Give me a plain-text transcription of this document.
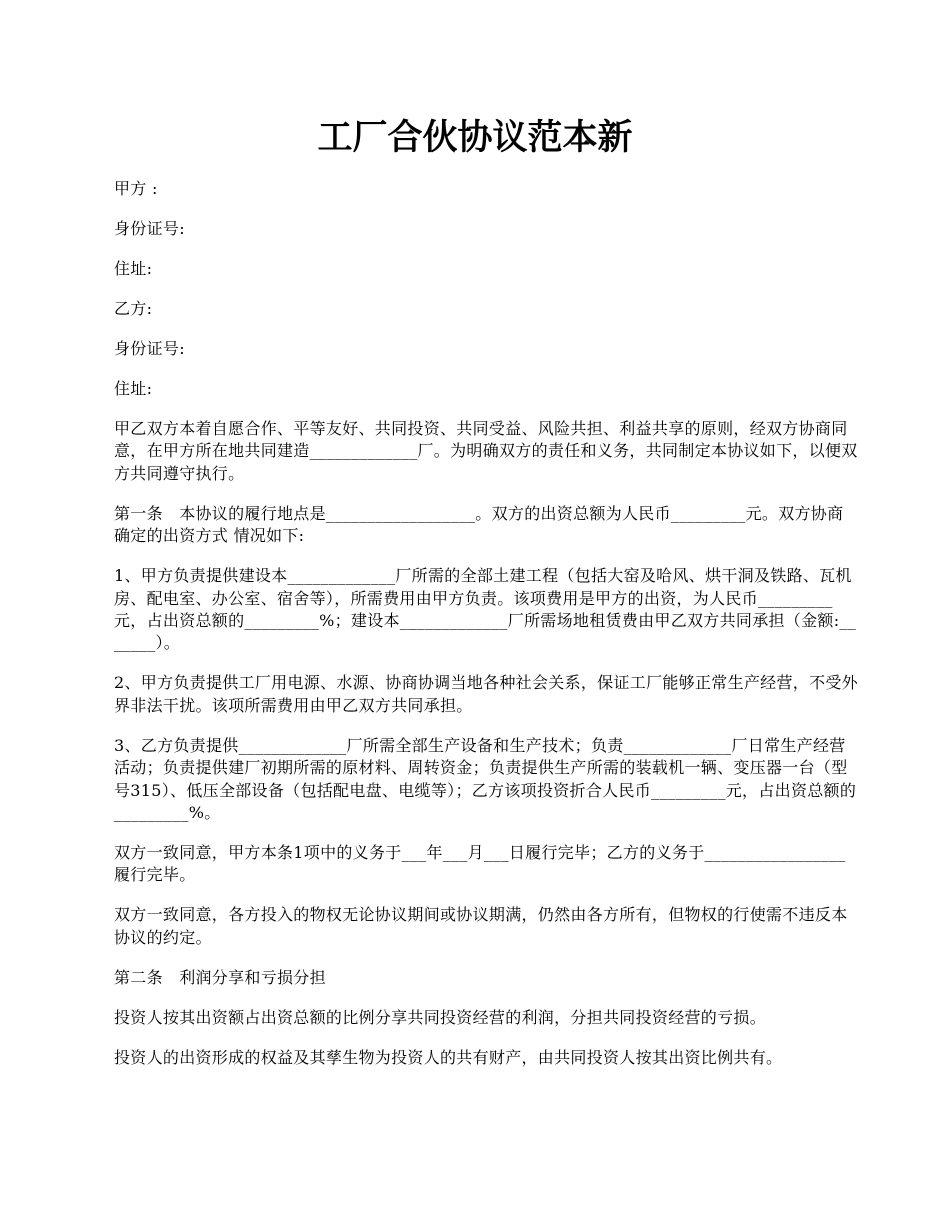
工厂合伙协议范本新

甲方 :

身份证号:

住址:

乙方:

身份证号:

住址:

甲乙双方本着自愿合作、平等友好、共同投资、共同受益、风险共担、利益共享的原则，经双方协商同意，在甲方所在地共同建造_____________厂。为明确双方的责任和义务，共同制定本协议如下，以便双方共同遵守执行。

第一条　本协议的履行地点是__________________。双方的出资总额为人民币_________元。双方协商确定的出资方式 情况如下:

1、甲方负责提供建设本_____________厂所需的全部土建工程（包括大窑及哈风、烘干洞及铁路、瓦机房、配电室、办公室、宿舍等），所需费用由甲方负责。该项费用是甲方的出资，为人民币_________元，占出资总额的_________%；建设本_____________厂所需场地租赁费由甲乙双方共同承担（金额:_______）。

2、甲方负责提供工厂用电源、水源、协商协调当地各种社会关系，保证工厂能够正常生产经营，不受外界非法干扰。该项所需费用由甲乙双方共同承担。

3、乙方负责提供_____________厂所需全部生产设备和生产技术；负责_____________厂日常生产经营活动；负责提供建厂初期所需的原材料、周转资金；负责提供生产所需的装载机一辆、变压器一台（型号315）、低压全部设备（包括配电盘、电缆等）；乙方该项投资折合人民币_________元，占出资总额的_________%。

双方一致同意，甲方本条1项中的义务于___年___月___日履行完毕；乙方的义务于_________________履行完毕。

双方一致同意，各方投入的物权无论协议期间或协议期满，仍然由各方所有，但物权的行使需不违反本协议的约定。

第二条　利润分享和亏损分担

投资人按其出资额占出资总额的比例分享共同投资经营的利润，分担共同投资经营的亏损。

投资人的出资形成的权益及其孳生物为投资人的共有财产，由共同投资人按其出资比例共有。
